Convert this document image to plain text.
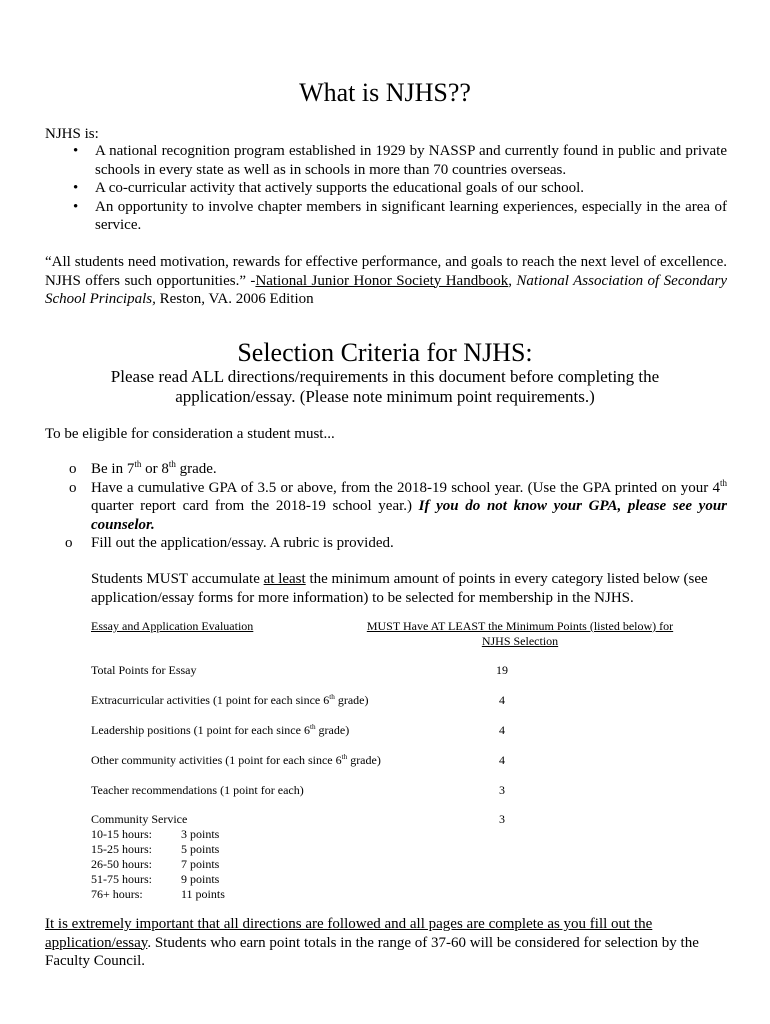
What is NJHS??
NJHS is:
• A national recognition program established in 1929 by NASSP and currently found in public and private schools in every state as well as in schools in more than 70 countries overseas.
• A co-curricular activity that actively supports the educational goals of our school.
• An opportunity to involve chapter members in significant learning experiences, especially in the area of service.
“All students need motivation, rewards for effective performance, and goals to reach the next level of excellence. NJHS offers such opportunities.” -National Junior Honor Society Handbook, National Association of Secondary School Principals, Reston, VA. 2006 Edition
Selection Criteria for NJHS:
Please read ALL directions/requirements in this document before completing the
application/essay. (Please note minimum point requirements.)
To be eligible for consideration a student must...
o Be in 7th or 8th grade.
o Have a cumulative GPA of 3.5 or above, from the 2018-19 school year. (Use the GPA printed on your 4th quarter report card from the 2018-19 school year.) If you do not know your GPA, please see your counselor.
o Fill out the application/essay. A rubric is provided.
Students MUST accumulate at least the minimum amount of points in every category listed below (see application/essay forms for more information) to be selected for membership in the NJHS.
Essay and Application Evaluation	MUST Have AT LEAST the Minimum Points (listed below) for NJHS Selection
Total Points for Essay	19
Extracurricular activities (1 point for each since 6th grade)	4
Leadership positions (1 point for each since 6th grade)	4
Other community activities (1 point for each since 6th grade)	4
Teacher recommendations (1 point for each)	3
Community Service	3
10-15 hours:	3 points
15-25 hours:	5 points
26-50 hours:	7 points
51-75 hours:	9 points
76+ hours:	11 points
It is extremely important that all directions are followed and all pages are complete as you fill out the application/essay. Students who earn point totals in the range of 37-60 will be considered for selection by the Faculty Council.
